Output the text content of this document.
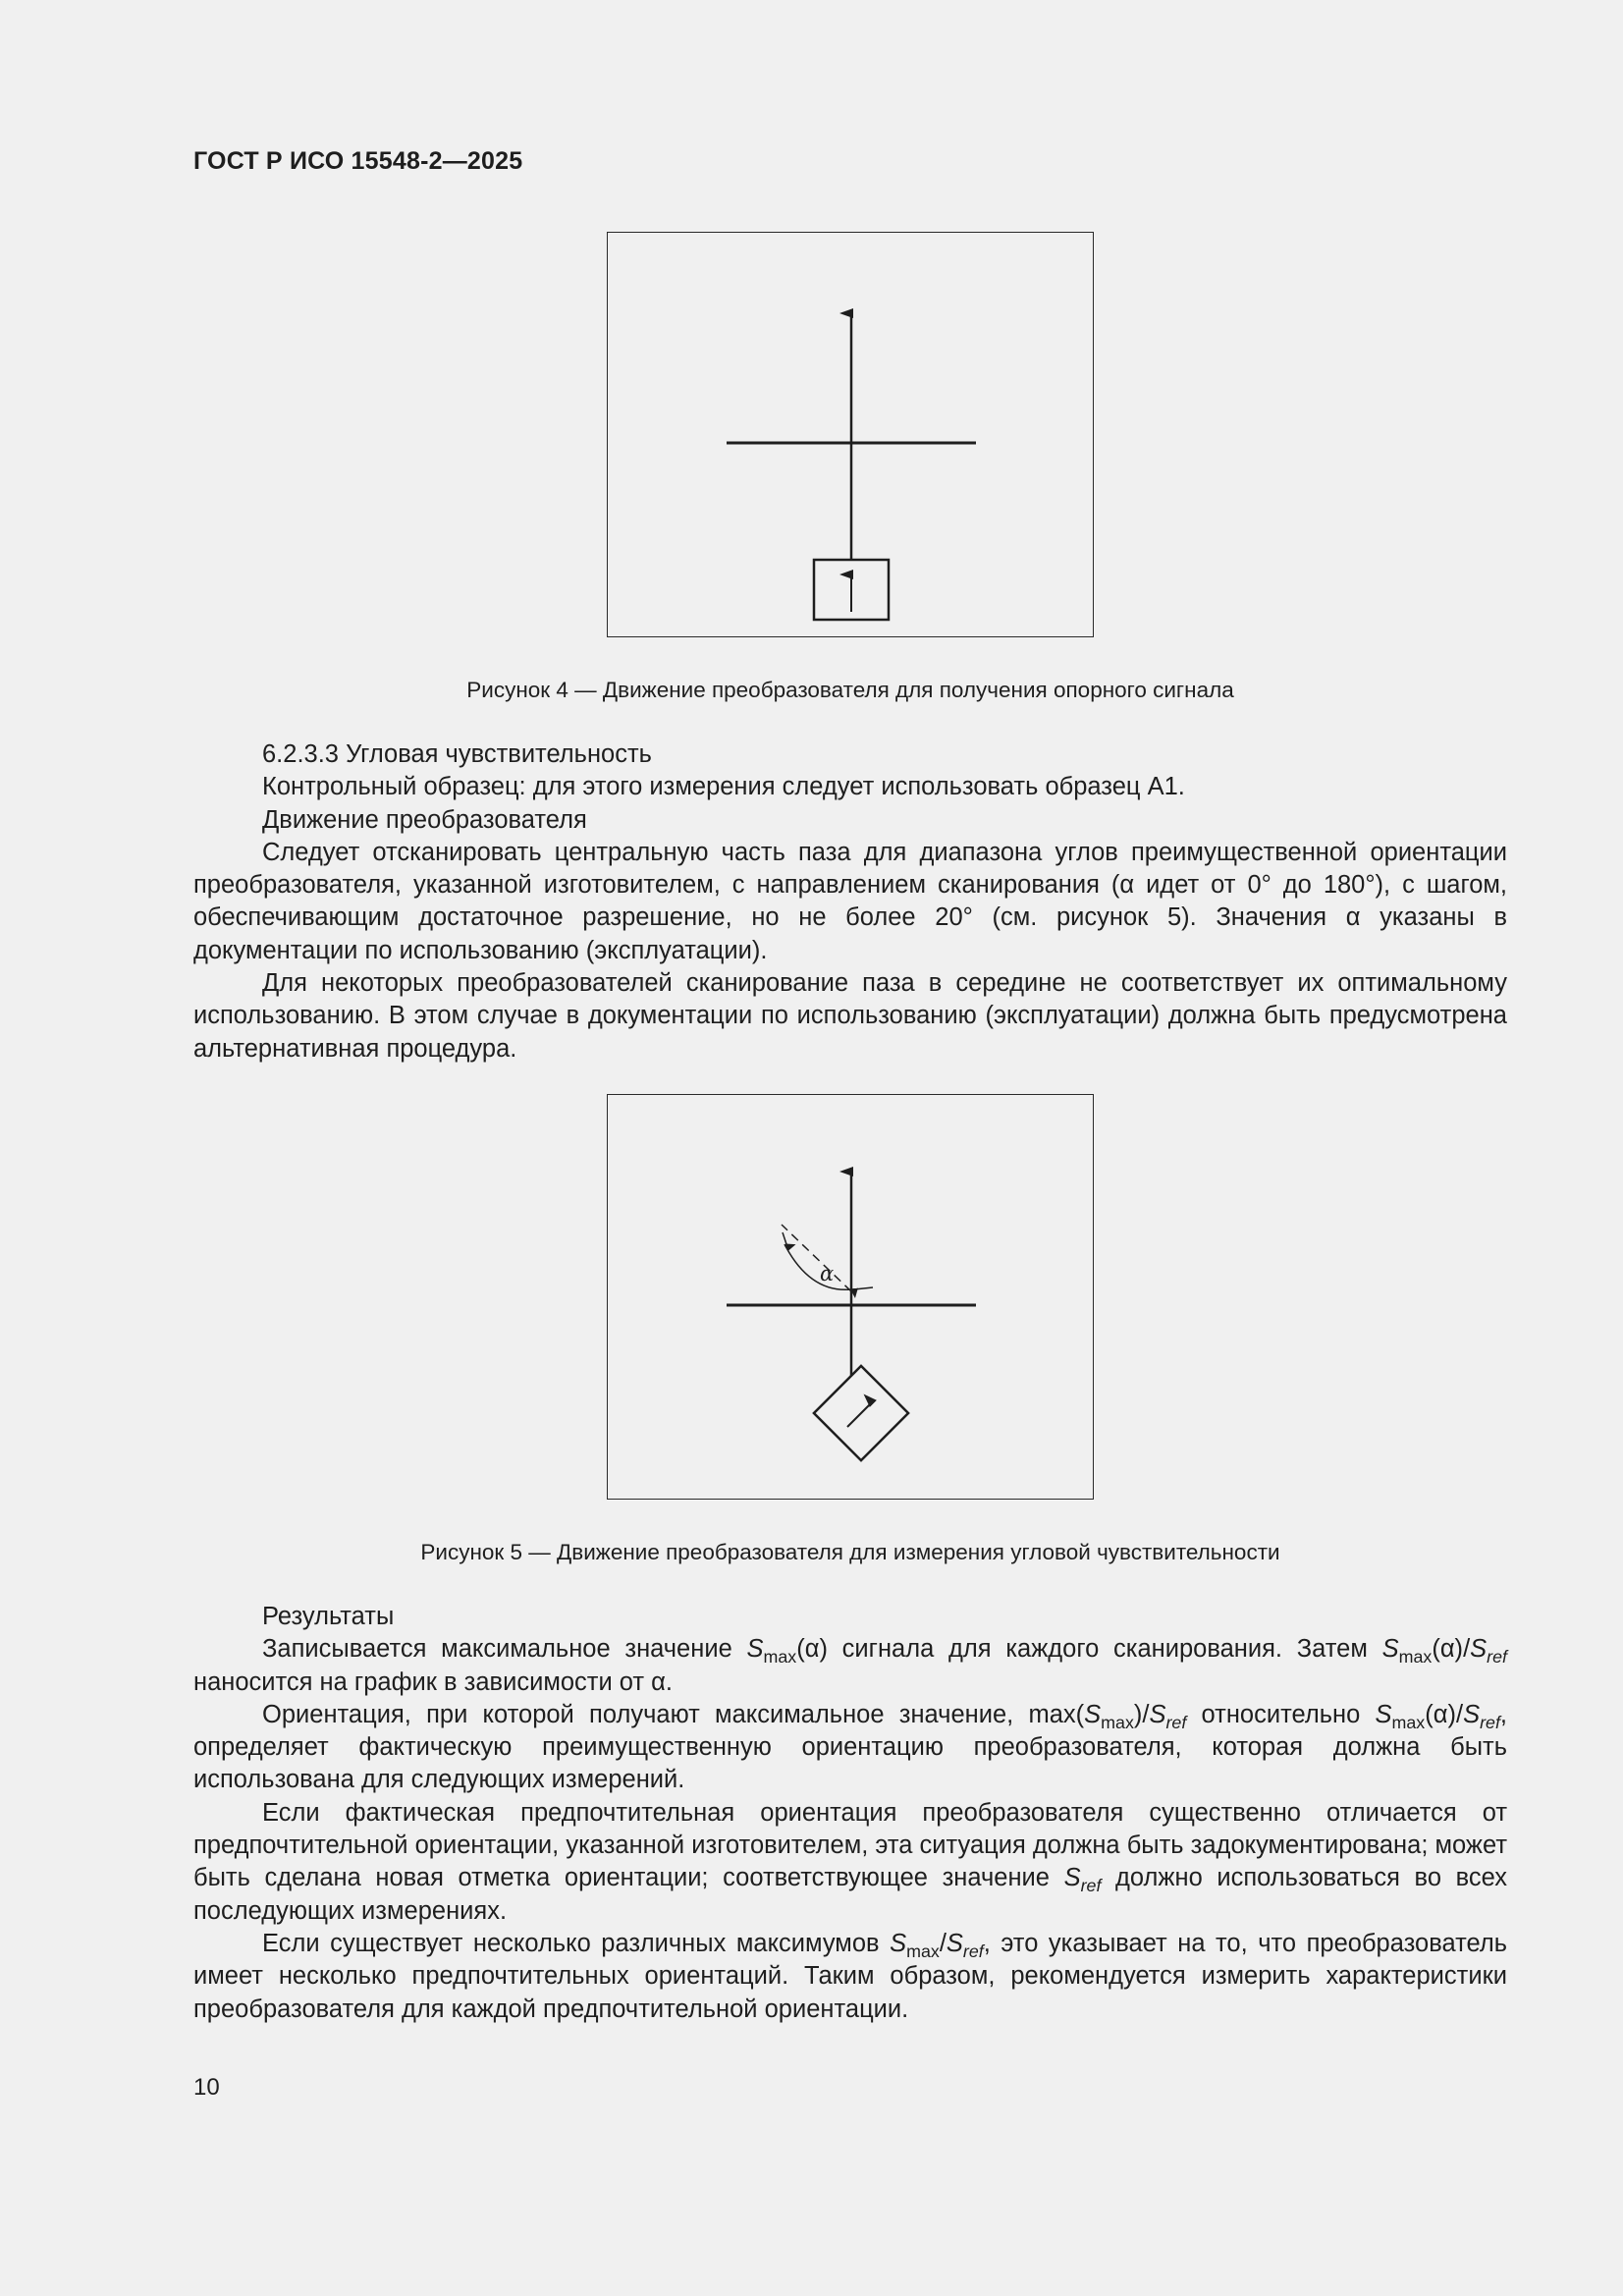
ГОСТ Р ИСО 15548-2—2025
Рисунок 4 — Движение преобразователя для получения опорного сигнала

6.2.3.3 Угловая чувствительность

Контрольный образец: для этого измерения следует использовать образец A1.

Движение преобразователя

Следует отсканировать центральную часть паза для диапазона углов преимущественной ориентации преобразователя, указанной изготовителем, с направлением сканирования (α идет от 0° до 180°), с шагом, обеспечивающим достаточное разрешение, но не более 20° (см. рисунок 5). Значения α указаны в документации по использованию (эксплуатации).

Для некоторых преобразователей сканирование паза в середине не соответствует их оптимальному использованию. В этом случае в документации по использованию (эксплуатации) должна быть предусмотрена альтернативная процедура.

α
Рисунок 5 — Движение преобразователя для измерения угловой чувствительности

Результаты

Записывается максимальное значение $S_{max}(\alpha)$ сигнала для каждого сканирования. Затем $S_{max}(\alpha)/S_{ref}$ наносится на график в зависимости от α.

Ориентация, при которой получают максимальное значение, $\max(S_{max})/S_{ref}$ относительно $S_{max}(\alpha)/S_{ref}$, определяет фактическую преимущественную ориентацию преобразователя, которая должна быть использована для следующих измерений.

Если фактическая предпочтительная ориентация преобразователя существенно отличается от предпочтительной ориентации, указанной изготовителем, эта ситуация должна быть задокументирована; может быть сделана новая отметка ориентации; соответствующее значение $S_{ref}$ должно использоваться во всех последующих измерениях.

Если существует несколько различных максимумов $S_{max}/S_{ref}$, это указывает на то, что преобразователь имеет несколько предпочтительных ориентаций. Таким образом, рекомендуется измерить характеристики преобразователя для каждой предпочтительной ориентации.

10
